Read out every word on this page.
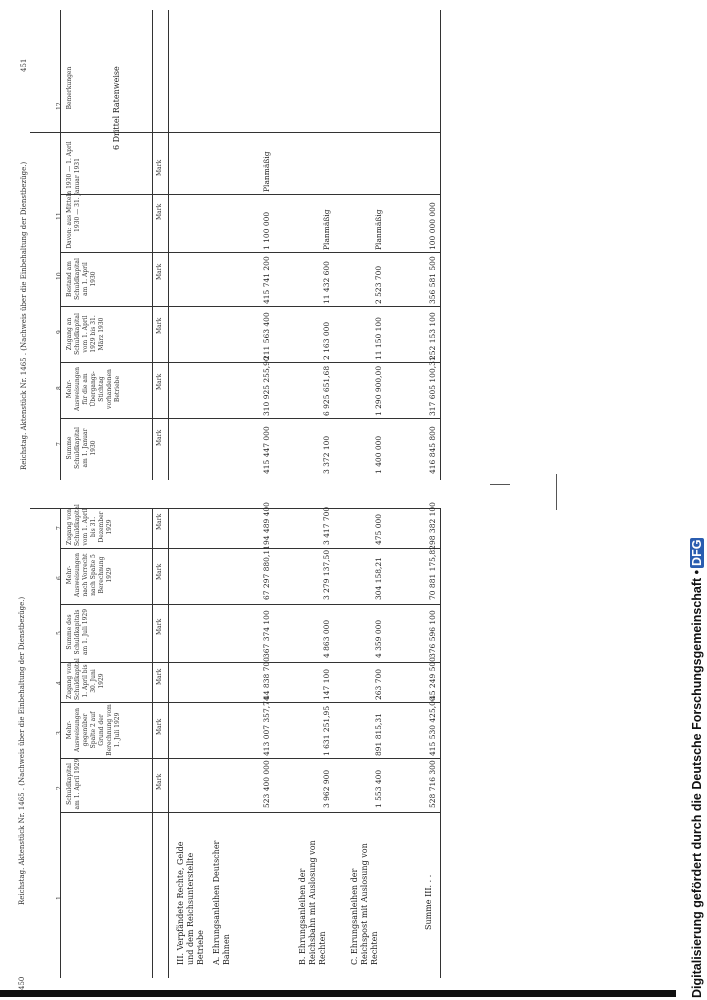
450
Reichstag. Aktenstück Nr. 1465 . (Nachweis über die Einbehaltung der Dienstbezüge.)
Reichstag. Aktenstück Nr. 1465 . (Nachweis über die Einbehaltung der Dienstbezüge.)
451
1
2
3
4
5
6
7
Schuldkapital am 1. April 1929
Mehr-Ausweisungen gegenüber Spalte 2 auf Grund der Berechnung vom 1. Juli 1929
Zugang von Schuldkapital 1. April bis 30. Juni 1929
Summe des Schuldkapitals am 1. Juli 1929
Mehr-Ausweisungen nach Vorrecht nach Spalte 5 Berechnung 1929
Zugang von Schuldkapital vom 1. April bis 31. Dezember 1929
Mark
Mark
Mark
Mark
Mark
Mark
III. Verpfändete Rechte, Gelde und dem Reichsunterstellte Betriebe A. Ehrungsanleihen Deutscher Bahnen	B. Ehrungsanleihen der Reichsbahn mit Auslosung von Rechten	C. Ehrungsanleihen der Reichspost mit Auslosung von Rechten
Summe III. . .
523 400 000
413 007 357,74
44 838 700
367 374 100
67 297 880,11
94 489 400
3 962 900
1 631 251,95
147 100
4 863 000
3 279 137,50
3 417 700
1 553 400
891 815,31
263 700
4 359 000
304 158,21
475 000
528 716 300
415 530 425,00
45 249 500
376 596 100
70 881 175,82
98 382 100
7
8
9
10
11
12
Summe Schuldkapital am 1. Januar 1930
Mehr-Ausweisungen für die am Übergangs-Stichtag vorhandenen Betriebe
Zugang an Schuldkapital vom 1. April 1929 bis 31. März 1930
Bestand am Schuldkapital am 1. April 1930
Davon: aus Mitteln 1930 — 1. April 1930 — 31. Januar 1931
Bemerkungen
Mark
Mark
Mark
Mark
Mark
Mark
415 447 000
310 925 255,90
211 563 400
415 741 200
1 100 000
Planmäßig
3 372 100
6 925 651,68
2 163 000
11 432 600
Planmäßig
1 400 000
1 290 900,00
11 150 100
2 523 700
Planmäßig
416 845 800
317 605 100,31
252 153 100
356 581 500
100 000 000
6 Drittel Ratenweise
Digitalisierung gefördert durch die Deutsche Forschungsgemeinschaft •DFG
